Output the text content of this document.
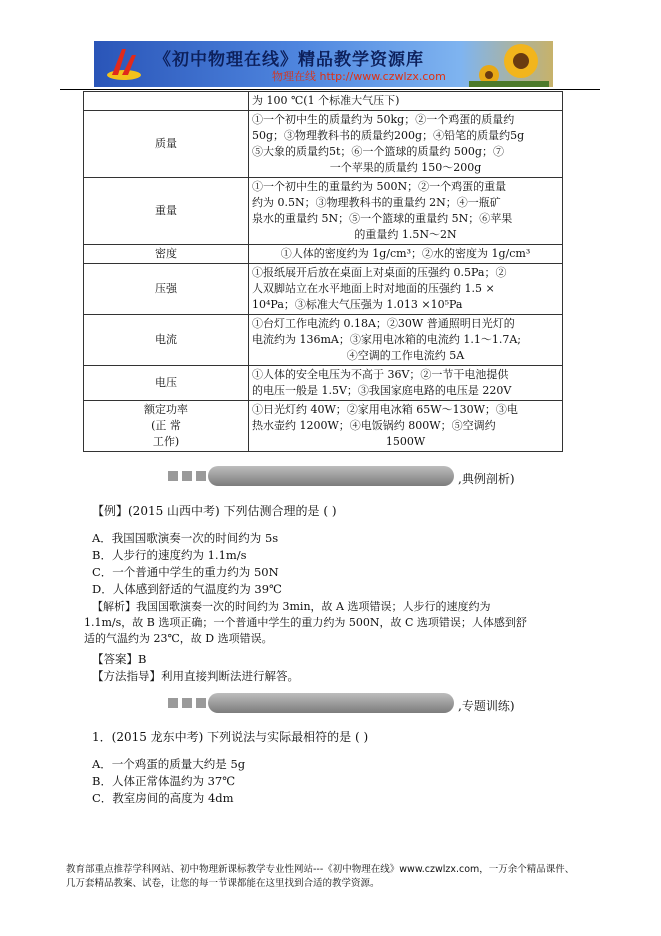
《初中物理在线》精品教学资源库
物理在线 http://www.czwlzx.com
	为 100 ℃(1 个标准大气压下)
质量	①一个初中生的质量约为 50kg；②一个鸡蛋的质量约
50g；③物理教科书的质量约200g；④铅笔的质量约5g
⑤大象的质量约5t；⑥一个篮球的质量约 500g；⑦
一个苹果的质量约 150～200g

重量	①一个初中生的重量约为 500N；②一个鸡蛋的重量
约为 0.5N；③物理教科书的重量约 2N；④一瓶矿
泉水的重量约 5N；⑤一个篮球的重量约 5N；⑥苹果
的重量约 1.5N～2N

密度	①人体的密度约为 1g/cm³；②水的密度为 1g/cm³

压强	①报纸展开后放在桌面上对桌面的压强约 0.5Pa；②
人双脚站立在水平地面上时对地面的压强约 1.5 ×
10⁴Pa；③标准大气压强为 1.013 ×10⁵Pa

电流	①台灯工作电流约 0.18A；②30W 普通照明日光灯的
电流约为 136mA；③家用电冰箱的电流约 1.1～1.7A;
④空调的工作电流约 5A

电压	①人体的安全电压为不高于 36V；②一节干电池提供
的电压一般是 1.5V；③我国家庭电路的电压是 220V

额定功率
(正 常
工作)	①日光灯约 40W；②家用电冰箱 65W～130W；③电
热水壶约 1200W；④电饭锅约 800W；⑤空调约
1500W
,典例剖析)
【例】(2015 山西中考) 下列估测合理的是 ( )
A．我国国歌演奏一次的时间约为 5s
B．人步行的速度约为 1.1m/s
C．一个普通中学生的重力约为 50N
D．人体感到舒适的气温度约为 39℃
【解析】我国国歌演奏一次的时间约为 3min，故 A 选项错误；人步行的速度约为
1.1m/s，故 B 选项正确；一个普通中学生的重力约为 500N，故 C 选项错误；人体感到舒
适的气温约为 23℃，故 D 选项错误。
【答案】B
【方法指导】利用直接判断法进行解答。
,专题训练)
1．(2015 龙东中考) 下列说法与实际最相符的是 ( )
A．一个鸡蛋的质量大约是 5g
B．人体正常体温约为 37℃
C．教室房间的高度为 4dm
教育部重点推荐学科网站、初中物理新课标教学专业性网站---《初中物理在线》www.czwlzx.com，一万余个精品课件、
几万套精品教案、试卷，让您的每一节课都能在这里找到合适的教学资源。
